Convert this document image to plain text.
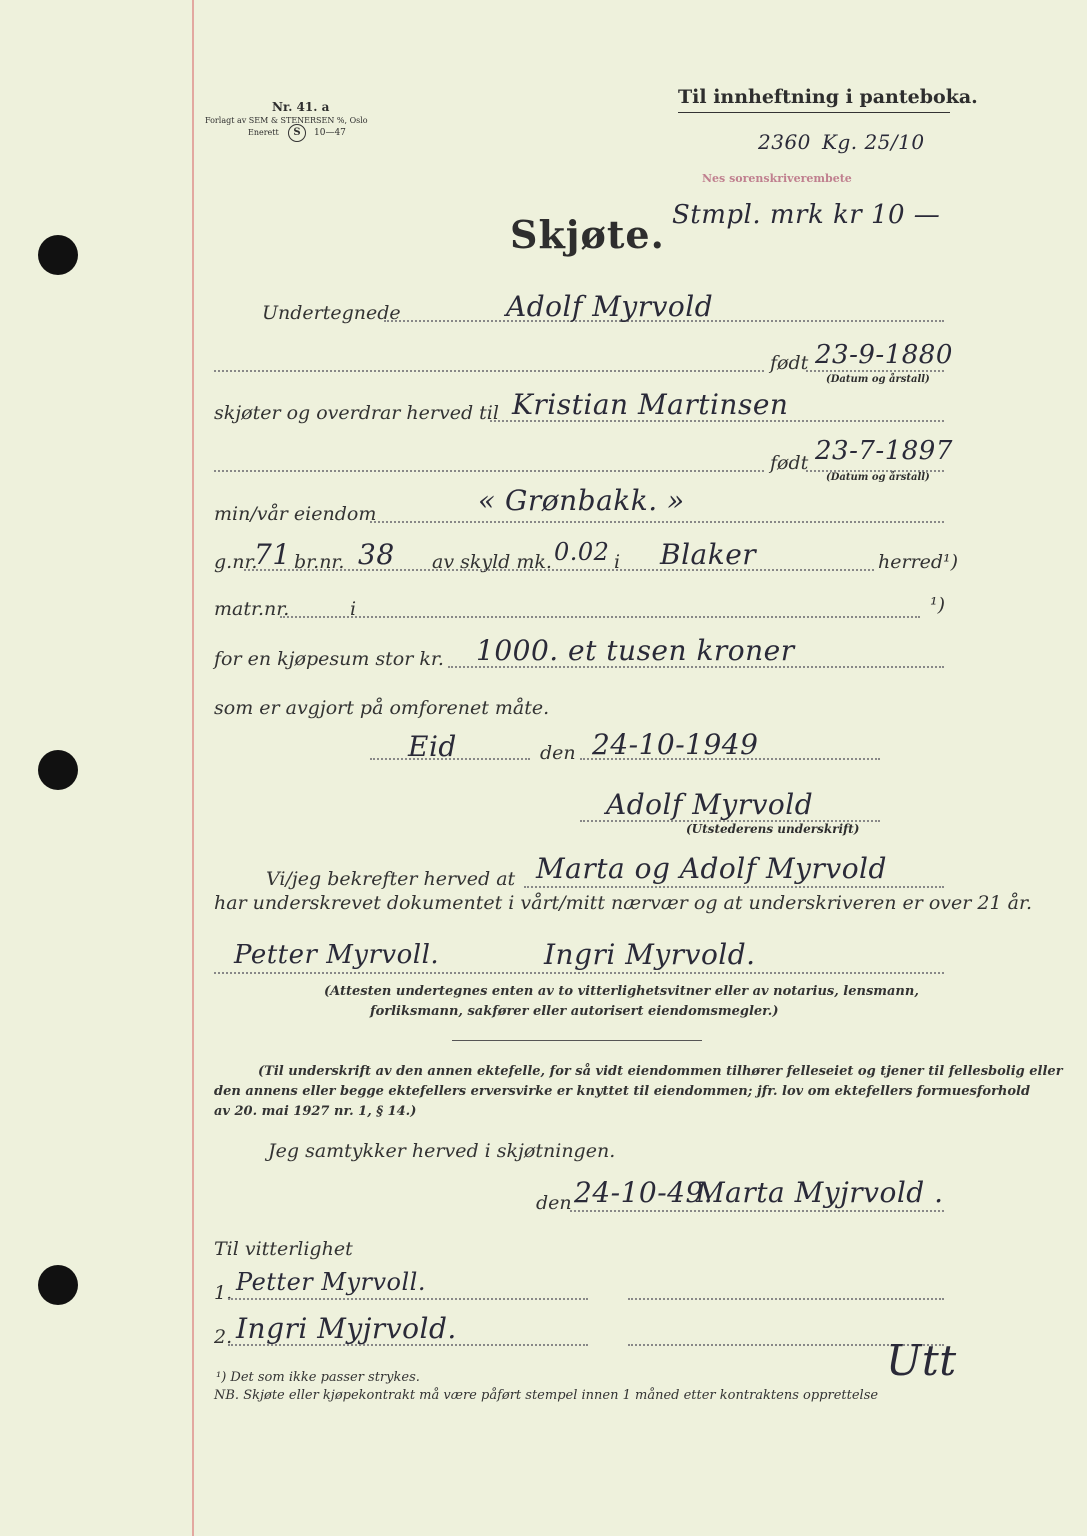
Nr. 41. a
Forlagt av SEM & STENERSEN %, Oslo
Enerett	S	10—47
Til innheftning i panteboka.
2360 Kg. 25/10
Nes sorenskriverembete
Skjøte. Stmpl. mrk kr 10 —
Undertegnede	Adolf Myrvold
født 23-9-1880
(Datum og årstall)
skjøter og overdrar herved til Kristian Martinsen
født 23-7-1897
(Datum og årstall)
min/vår eiendom	« Grønbakk. »
g.nr.
71 br.nr. 38 av skyld mk. 0.02 i Blaker	herred¹)
matr.nr.	i	¹)
for en kjøpesum stor kr. 1000. et tusen kroner
som er avgjort på omforenet måte.
Eid	den 24-10-1949
Adolf Myrvold
(Utstederens underskrift)
Vi/jeg bekrefter herved at Marta og Adolf Myrvold
har underskrevet dokumentet i vårt/mitt nærvær og at underskriveren er over 21 år.
Petter Myrvoll.	Ingri Myrvold.
(Attesten undertegnes enten av to vitterlighetsvitner eller av notarius, lensmann,
forliksmann, sakfører eller autorisert eiendomsmegler.)
(Til underskrift av den annen ektefelle, for så vidt eiendommen tilhører felleseiet og tjener til fellesbolig eller
den annens eller begge ektefellers erversvirke er knyttet til eiendommen; jfr. lov om ektefellers formuesforhold
av 20. mai 1927 nr. 1, § 14.)
Jeg samtykker herved i skjøtningen.
den 24-10-49.
Marta Myjrvold .
Til vitterlighet
1. Petter Myrvoll.
2. Ingri Myjrvold.
Utt
¹) Det som ikke passer strykes.
NB. Skjøte eller kjøpekontrakt må være påført stempel innen 1 måned etter kontraktens opprettelse
